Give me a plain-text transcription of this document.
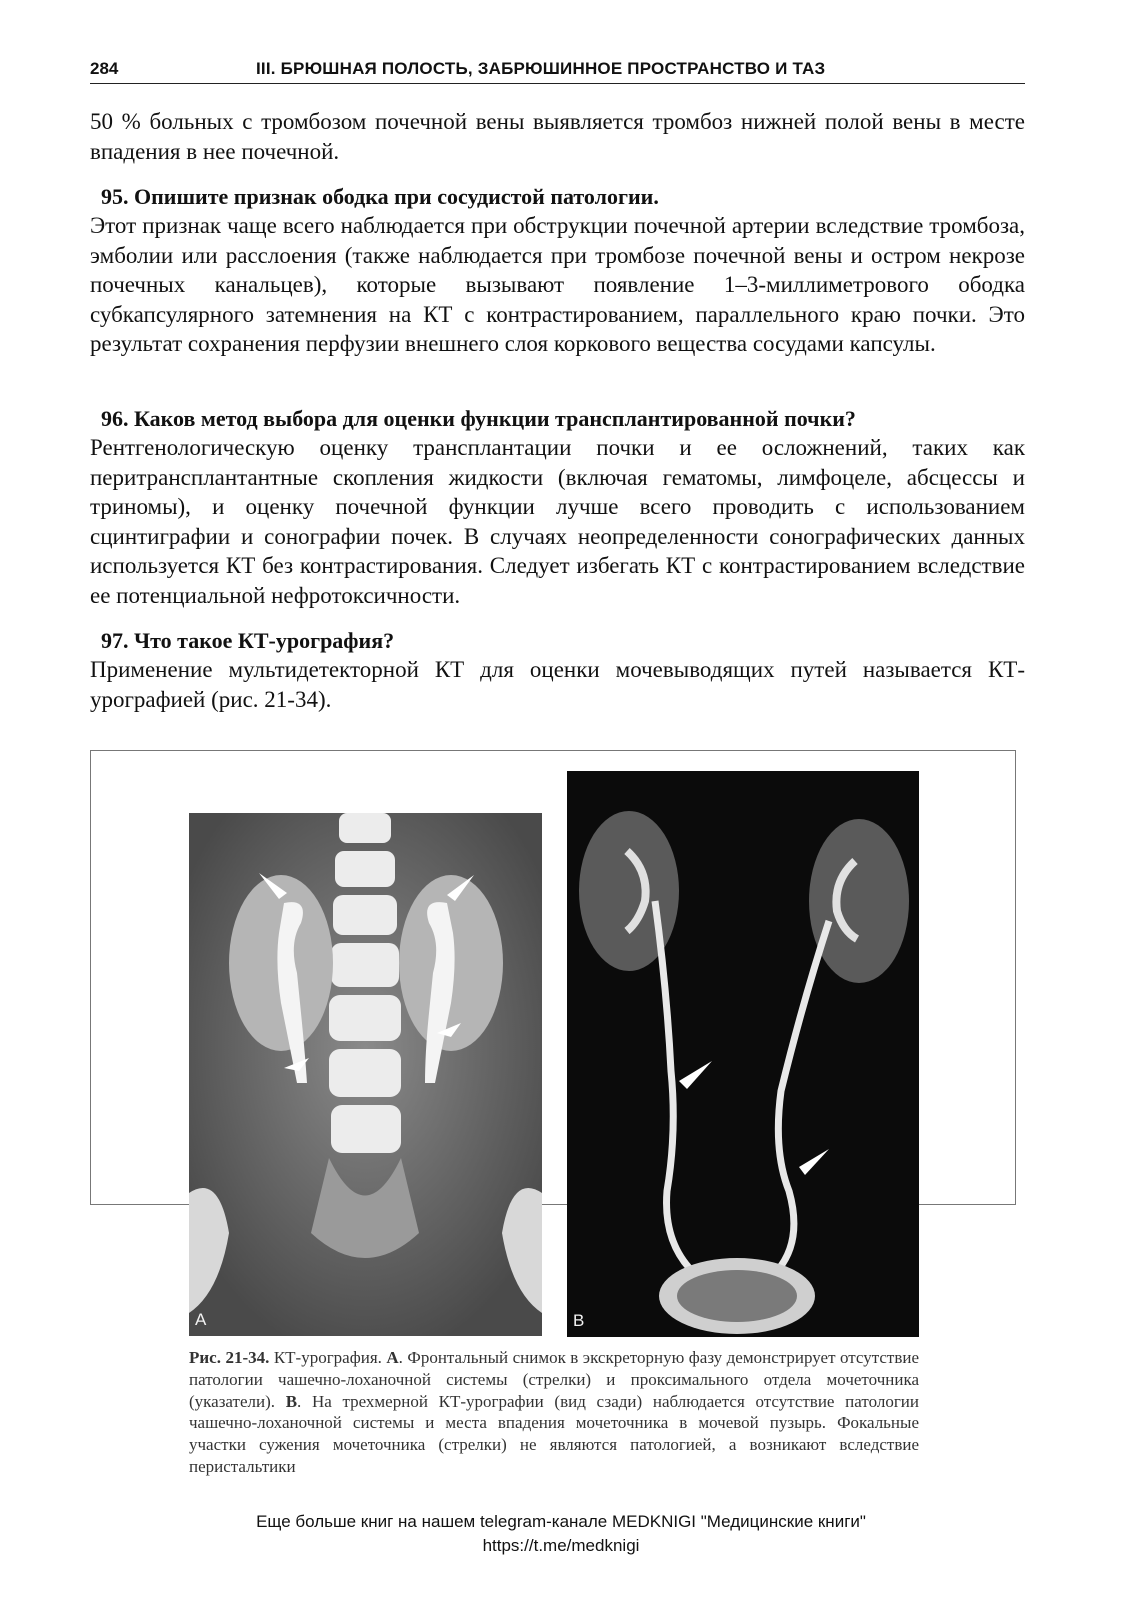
284	III. БРЮШНАЯ ПОЛОСТЬ, ЗАБРЮШИННОЕ ПРОСТРАНСТВО И ТАЗ

50 % больных с тромбозом почечной вены выявляется тромбоз нижней полой вены в месте впадения в нее почечной.

95. Опишите признак ободка при сосудистой патологии.

Этот признак чаще всего наблюдается при обструкции почечной артерии вследствие тромбоза, эмболии или расслоения (также наблюдается при тромбозе почечной вены и остром некрозе почечных канальцев), которые вызывают появление 1–3-миллиметрового ободка субкапсулярного затемнения на КТ с контрастированием, параллельного краю почки. Это результат сохранения перфузии внешнего слоя коркового вещества сосудами капсулы.

96. Каков метод выбора для оценки функции трансплантированной почки?

Рентгенологическую оценку трансплантации почки и ее осложнений, таких как перитрансплантантные скопления жидкости (включая гематомы, лимфоцеле, абсцессы и триномы), и оценку почечной функции лучше всего проводить с использованием сцинтиграфии и сонографии почек. В случаях неопределенности сонографических данных используется КТ без контрастирования. Следует избегать КТ с контрастированием вследствие ее потенциальной нефротоксичности.

97. Что такое КТ-урография?

Применение мультидетекторной КТ для оценки мочевыводящих путей называется КТ-урографией (рис. 21-34).

A	B

Рис. 21-34. КТ-урография. А. Фронтальный снимок в экскреторную фазу демонстрирует отсутствие патологии чашечно-лоханочной системы (стрелки) и проксимального отдела мочеточника (указатели). В. На трехмерной КТ-урографии (вид сзади) наблюдается отсутствие патологии чашечно-лоханочной системы и места впадения мочеточника в мочевой пузырь. Фокальные участки сужения мочеточника (стрелки) не являются патологией, а возникают вследствие перистальтики

Еще больше книг на нашем telegram-канале MEDKNIGI "Медицинские книги"
https://t.me/medknigi
